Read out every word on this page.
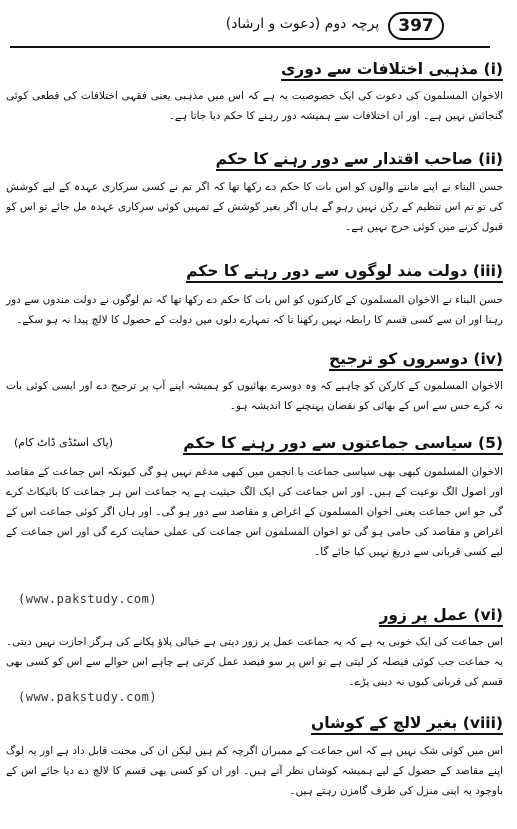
پرچہ دوم (دعوت و ارشاد)	397
(i) مذہبی اختلافات سے دوری
الاخوان المسلمون کی دعوت کی ایک خصوصیت یہ ہے کہ اس میں مذہبی یعنی فقہی اختلافات کی قطعی کوئی گنجائش نہیں ہے۔ اور ان اختلافات سے ہمیشہ دور رہنے کا حکم دیا جاتا ہے۔
(ii) صاحب اقتدار سے دور رہنے کا حکم
حسن البناء نے اپنے ماننے والوں کو اس بات کا حکم دے رکھا تھا کہ اگر تم نے کسی سرکاری عہدہ کے لیے کوشش کی تو تم اس تنظیم کے رکن نہیں رہو گے ہاں اگر بغیر کوشش کے تمہیں کوئی سرکاری عہدہ مل جائے تو اس کو قبول کرنے میں کوئی حرج نہیں ہے۔
(iii) دولت مند لوگوں سے دور رہنے کا حکم
حسن البناء نے الاخوان المسلمون کے کارکنوں کو اس بات کا حکم دے رکھا تھا کہ تم لوگوں نے دولت مندوں سے دور رہنا اور ان سے کسی قسم کا رابطہ نہیں رکھنا تا کہ تمہارے دلوں میں دولت کے حصول کا لالچ پیدا نہ ہو سکے۔
(iv) دوسروں کو ترجیح
الاخوان المسلمون کے کارکن کو چاہیے کہ وہ دوسرے بھائیوں کو ہمیشہ اپنے آپ پر ترجیح دے اور ایسی کوئی بات نہ کرے جس سے اس کے بھائی کو نقصان پہنچنے کا اندیشہ ہو۔
(5) سیاسی جماعتوں سے دور رہنے کا حکم
(پاک اسٹڈی ڈاٹ کام)
الاخوان المسلمون کبھی بھی سیاسی جماعت یا انجمن میں کبھی مدغم نہیں ہو گی کیونکہ اس جماعت کے مقاصد اور اصول الگ نوعیت کے ہیں۔ اور اس جماعت کی ایک الگ حیثیت ہے یہ جماعت اس ہر جماعت کا بائیکاٹ کرے گی جو اس جماعت یعنی اخوان المسلمون کے اغراض و مقاصد سے دور ہو گی۔ اور ہاں اگر کوئی جماعت اس کے اغراض و مقاصد کی حامی ہو گی تو اخوان المسلمون اس جماعت کی عملی حمایت کرے گی اور اس جماعت کے لیے کسی قربانی سے دریغ نہیں کیا جائے گا۔
(www.pakstudy.com)
(vi) عمل پر زور
اس جماعت کی ایک خوبی یہ ہے کہ یہ جماعت عمل پر زور دیتی ہے خیالی پلاؤ پکانے کی ہرگز اجازت نہیں دیتی۔ یہ جماعت جب کوئی فیصلہ کر لیتی ہے تو اس پر سو فیصد عمل کرتی ہے چاہے اس حوالے سے اس کو کسی بھی قسم کی قربانی کیوں نہ دینی پڑے۔
(www.pakstudy.com)
(viii) بغیر لالچ کے کوشاں
اس میں کوئی شک نہیں ہے کہ اس جماعت کے ممبران اگرچہ کم ہیں لیکن ان کی محنت قابل داد ہے اور یہ لوگ اپنے مقاصد کے حصول کے لیے ہمیشہ کوشاں نظر آتے ہیں۔ اور ان کو کسی بھی قسم کا لالچ دے دیا جائے اس کے باوجود یہ اپنی منزل کی طرف گامزن رہتے ہیں۔
